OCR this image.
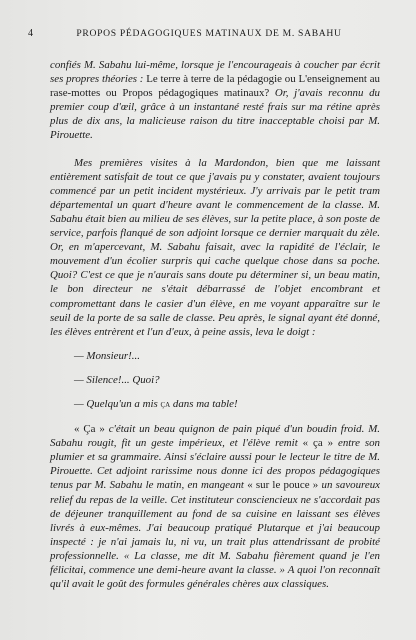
4	PROPOS PÉDAGOGIQUES MATINAUX DE M. SABAHU

confiés M. Sabahu lui-même, lorsque je l'encourageais à coucher par écrit ses propres théories : Le terre à terre de la pédagogie ou L'enseignement au rase-mottes ou Propos pédagogiques matinaux? Or, j'avais reconnu du premier coup d'œil, grâce à un instantané resté frais sur ma rétine après plus de dix ans, la malicieuse raison du titre inacceptable choisi par M. Pirouette.

Mes premières visites à la Mardondon, bien que me laissant entièrement satisfait de tout ce que j'avais pu y constater, avaient toujours commencé par un petit incident mystérieux. J'y arrivais par le petit tram départemental un quart d'heure avant le commencement de la classe. M. Sabahu était bien au milieu de ses élèves, sur la petite place, à son poste de service, parfois flanqué de son adjoint lorsque ce dernier marquait du zèle. Or, en m'apercevant, M. Sabahu faisait, avec la rapidité de l'éclair, le mouvement d'un écolier surpris qui cache quelque chose dans sa poche. Quoi? C'est ce que je n'aurais sans doute pu déterminer si, un beau matin, le bon directeur ne s'était débarrassé de l'objet encombrant et compromettant dans le casier d'un élève, en me voyant apparaître sur le seuil de la porte de sa salle de classe. Peu après, le signal ayant été donné, les élèves entrèrent et l'un d'eux, à peine assis, leva le doigt :

— Monsieur!...

— Silence!... Quoi?

— Quelqu'un a mis ça dans ma table!

« Ça » c'était un beau quignon de pain piqué d'un boudin froid. M. Sabahu rougit, fit un geste impérieux, et l'élève remit « ça » entre son plumier et sa grammaire. Ainsi s'éclaire aussi pour le lecteur le titre de M. Pirouette. Cet adjoint rarissime nous donne ici des propos pédagogiques tenus par M. Sabahu le matin, en mangeant « sur le pouce » un savoureux relief du repas de la veille. Cet instituteur consciencieux ne s'accordait pas de déjeuner tranquillement au fond de sa cuisine en laissant ses élèves livrés à eux-mêmes. J'ai beaucoup pratiqué Plutarque et j'ai beaucoup inspecté : je n'ai jamais lu, ni vu, un trait plus attendrissant de probité professionnelle. « La classe, me dit M. Sabahu fièrement quand je l'en félicitai, commence une demi-heure avant la classe. » A quoi l'on reconnaît qu'il avait le goût des formules générales chères aux classiques.
